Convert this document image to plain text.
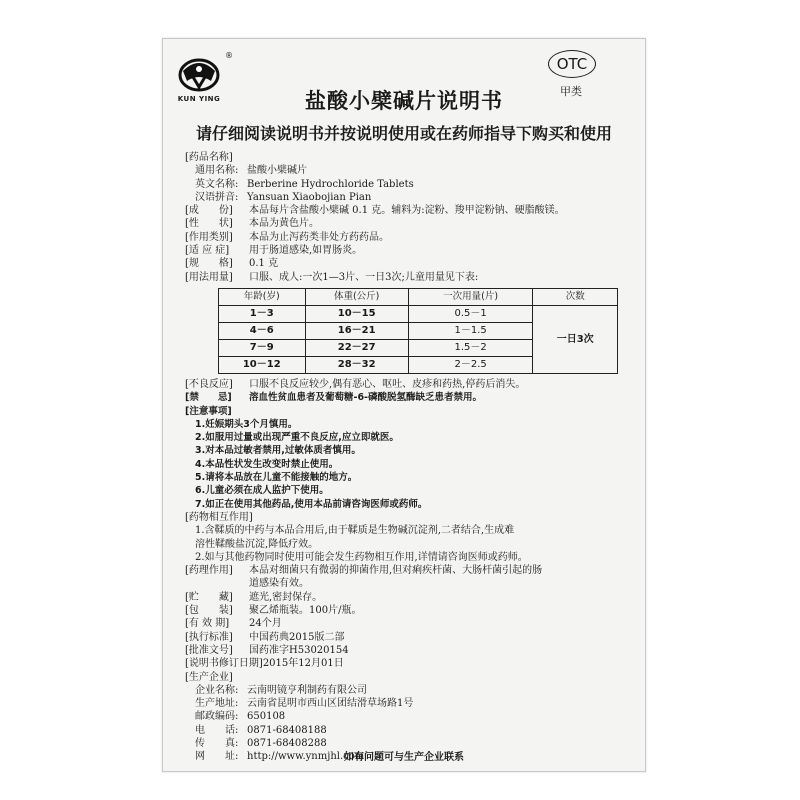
KUN YING
®	OTC
甲类
盐酸小檗碱片说明书
请仔细阅读说明书并按说明使用或在药师指导下购买和使用
[药品名称]
通用名称: 盐酸小檗碱片
英文名称: Berberine Hydrochloride Tablets
汉语拼音: Yansuan Xiaobojian Pian
[成　　份] 本品每片含盐酸小檗碱 0.1 克。辅料为:淀粉、羧甲淀粉钠、硬脂酸镁。
[性　　状] 本品为黄色片。
[作用类别] 本品为止泻药类非处方药药品。
[适 应 症] 用于肠道感染,如胃肠炎。
[规　　格] 0.1 克
[用法用量] 口服、成人:一次1—3片、一日3次;儿童用量见下表:
年龄(岁)	体重(公斤)	一次用量(片)	次数
1－3	10－15	0.5－1	一日3次
4－6	16－21	1－1.5	
7－9	22－27	1.5－2	
10－12	28－32	2－2.5	
[不良反应] 口服不良反应较少,偶有恶心、呕吐、皮疹和药热,停药后消失。
[禁　　忌] 溶血性贫血患者及葡萄糖-6-磷酸脱氢酶缺乏患者禁用。
[注意事项]
1.妊娠期头3个月慎用。
2.如服用过量或出现严重不良反应,应立即就医。
3.对本品过敏者禁用,过敏体质者慎用。
4.本品性状发生改变时禁止使用。
5.请将本品放在儿童不能接触的地方。
6.儿童必须在成人监护下使用。
7.如正在使用其他药品,使用本品前请咨询医师或药师。
[药物相互作用]
1.含鞣质的中药与本品合用后,由于鞣质是生物碱沉淀剂,二者结合,生成难
溶性鞣酸盐沉淀,降低疗效。
2.如与其他药物同时使用可能会发生药物相互作用,详情请咨询医师或药师。
[药理作用] 本品对细菌只有微弱的抑菌作用,但对痢疾杆菌、大肠杆菌引起的肠
道感染有效。
[贮　　藏] 遮光,密封保存。
[包　　装] 聚乙烯瓶装。100片/瓶。
[有 效 期] 24个月
[执行标准] 中国药典2015版二部
[批准文号] 国药准字H53020154
[说明书修订日期]2015年12月01日
[生产企业]
企业名称: 云南明镜亨利制药有限公司
生产地址: 云南省昆明市西山区团结滑草场路1号
邮政编码: 650108
电　　话: 0871-68408188
传　　真: 0871-68408288
网　　址: http://www.ynmjhl.com
如有问题可与生产企业联系
